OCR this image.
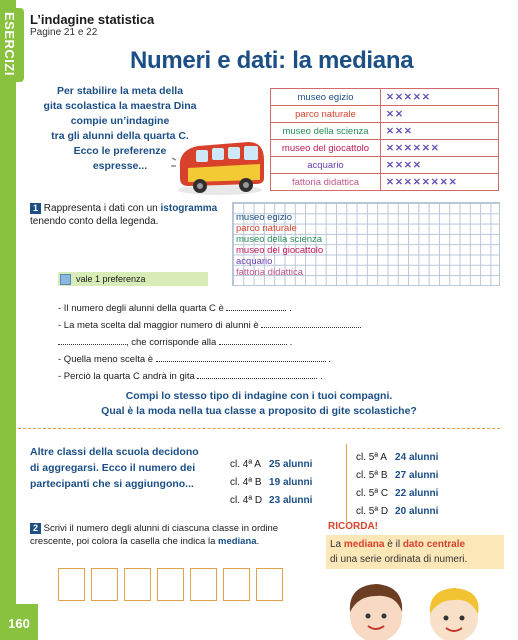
ESERCIZI
160
L’indagine statistica
Pagine 21 e 22
Numeri e dati: la mediana
Per stabilire la meta della
gita scolastica la maestra Dina
compie un’indagine
tra gli alunni della quarta C.
Ecco le preferenze
espresse...
museo egizio	✕✕✕✕✕
parco naturale	✕✕
museo della scienza	✕✕✕
museo del giocattolo	✕✕✕✕✕✕
acquario	✕✕✕✕
fattoria didattica	✕✕✕✕✕✕✕✕
1 Rappresenta i dati con un istogramma
tenendo conto della legenda.	museo egizio
parco naturale
museo della scienza
museo del giocattolo
acquario
fattoria didattica
vale 1 preferenza
- Il numero degli alunni della quarta C è	.
- La meta scelta dal maggior numero di alunni è
, che corrisponde alla	.
- Quella meno scelta è	.
- Perciò la quarta C andrà in gita	.
Compi lo stesso tipo di indagine con i tuoi compagni.
Qual è la moda nella tua classe a proposito di gite scolastiche?
Altre classi della scuola decidono
di aggregarsi. Ecco il numero dei
partecipanti che si aggiungono...
cl. 4ª A	25 alunni
cl. 4ª B	19 alunni
cl. 4ª D	23 alunni
cl. 5ª A	24 alunni
cl. 5ª B	27 alunni
cl. 5ª C	22 alunni
cl. 5ª D	20 alunni
2 Scrivi il numero degli alunni di ciascuna classe in ordine
crescente, poi colora la casella che indica la mediana.
RICORDA!
La mediana è il dato centrale
di una serie ordinata di numeri.
